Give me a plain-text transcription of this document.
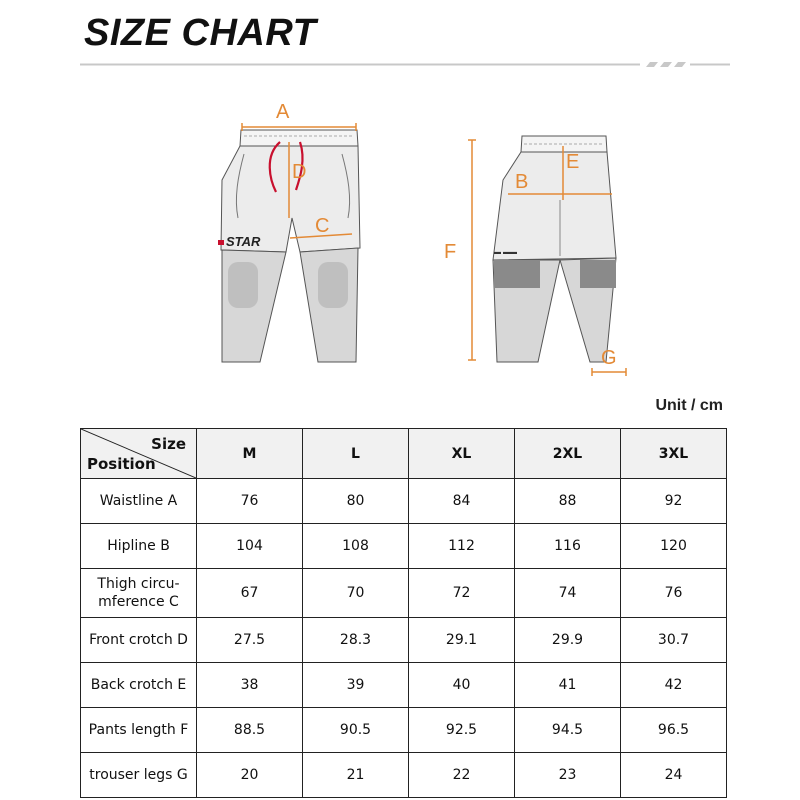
SIZE CHART
STAR
A
D
C
▬ ▬▬
E
B
F
G
Unit / cm
Size
Position	M	L	XL	2XL	3XL
Waistline A	76	80	84	88	92
Hipline B	104	108	112	116	120
Thigh circu-
mference C	67	70	72	74	76
Front crotch D	27.5	28.3	29.1	29.9	30.7
Back crotch E	38	39	40	41	42
Pants length F	88.5	90.5	92.5	94.5	96.5
trouser legs G	20	21	22	23	24
